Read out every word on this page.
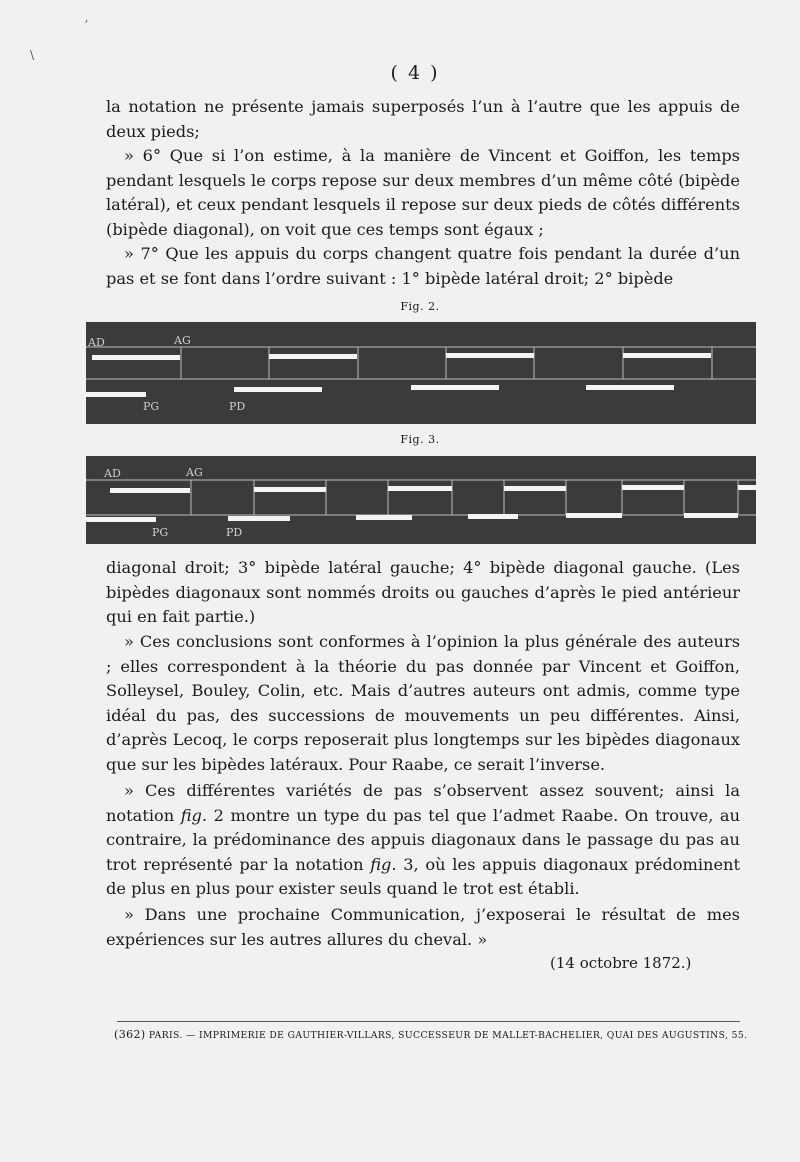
ʼ
\
( 4 )

la notation ne présente jamais superposés l’un à l’autre que les appuis de deux pieds;

» 6° Que si l’on estime, à la manière de Vincent et Goiffon, les temps pendant lesquels le corps repose sur deux membres d’un même côté (bipède latéral), et ceux pendant lesquels il repose sur deux pieds de côtés différents (bipède diagonal), on voit que ces temps sont égaux ;

» 7° Que les appuis du corps changent quatre fois pendant la durée d’un pas et se font dans l’ordre suivant : 1° bipède latéral droit; 2° bipède

Fig. 2.
AD	AG
PG	PD
Fig. 3.
AD	AG
PG	PD

diagonal droit; 3° bipède latéral gauche; 4° bipède diagonal gauche. (Les bipèdes diagonaux sont nommés droits ou gauches d’après le pied antérieur qui en fait partie.)

» Ces conclusions sont conformes à l’opinion la plus générale des auteurs ; elles correspondent à la théorie du pas donnée par Vincent et Goiffon, Solleysel, Bouley, Colin, etc. Mais d’autres auteurs ont admis, comme type idéal du pas, des successions de mouvements un peu différentes. Ainsi, d’après Lecoq, le corps reposerait plus longtemps sur les bipèdes diagonaux que sur les bipèdes latéraux. Pour Raabe, ce serait l’inverse.

» Ces différentes variétés de pas s’observent assez souvent; ainsi la notation fig. 2 montre un type du pas tel que l’admet Raabe. On trouve, au contraire, la prédominance des appuis diagonaux dans le passage du pas au trot représenté par la notation fig. 3, où les appuis diagonaux prédominent de plus en plus pour exister seuls quand le trot est établi.

» Dans une prochaine Communication, j’exposerai le résultat de mes expériences sur les autres allures du cheval. »

(14 octobre 1872.)
(362) PARIS. — IMPRIMERIE DE GAUTHIER-VILLARS, SUCCESSEUR DE MALLET-BACHELIER, QUAI DES AUGUSTINS, 55.
